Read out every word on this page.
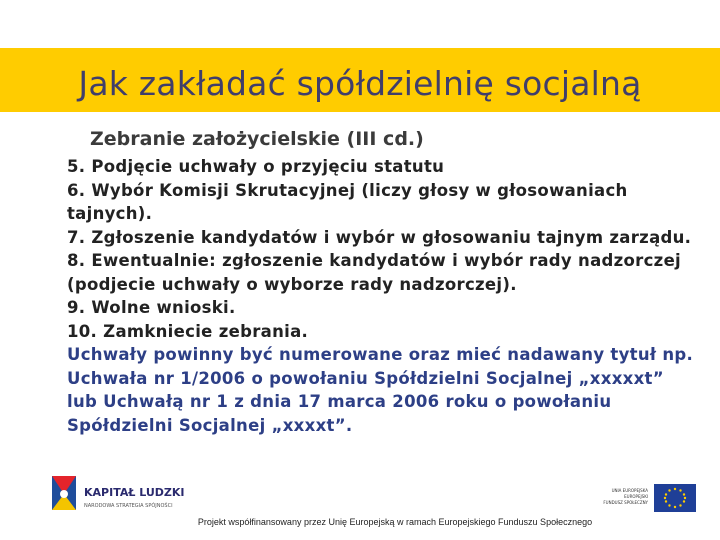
Jak zakładać spółdzielnię socjalną
Zebranie założycielskie (III cd.)
5. Podjęcie uchwały o przyjęciu statutu
6. Wybór Komisji Skrutacyjnej (liczy głosy w głosowaniach
tajnych).
7. Zgłoszenie kandydatów i wybór w głosowaniu tajnym zarządu.
8. Ewentualnie: zgłoszenie kandydatów i wybór rady nadzorczej
(podjecie uchwały o wyborze rady nadzorczej).
9. Wolne wnioski.
10. Zamkniecie zebrania.
Uchwały powinny być numerowane oraz mieć nadawany tytuł np.
Uchwała nr 1/2006 o powołaniu Spółdzielni Socjalnej „xxxxxt”
lub Uchwałą nr 1 z dnia 17 marca 2006 roku o powołaniu
Spółdzielni Socjalnej „xxxxt”.
KAPITAŁ LUDZKI
NARODOWA STRATEGIA SPÓJNOŚCI
UNIA EUROPEJSKA
EUROPEJSKI
FUNDUSZ SPOŁECZNY
Projekt współfinansowany przez Unię Europejską w ramach Europejskiego Funduszu Społecznego
